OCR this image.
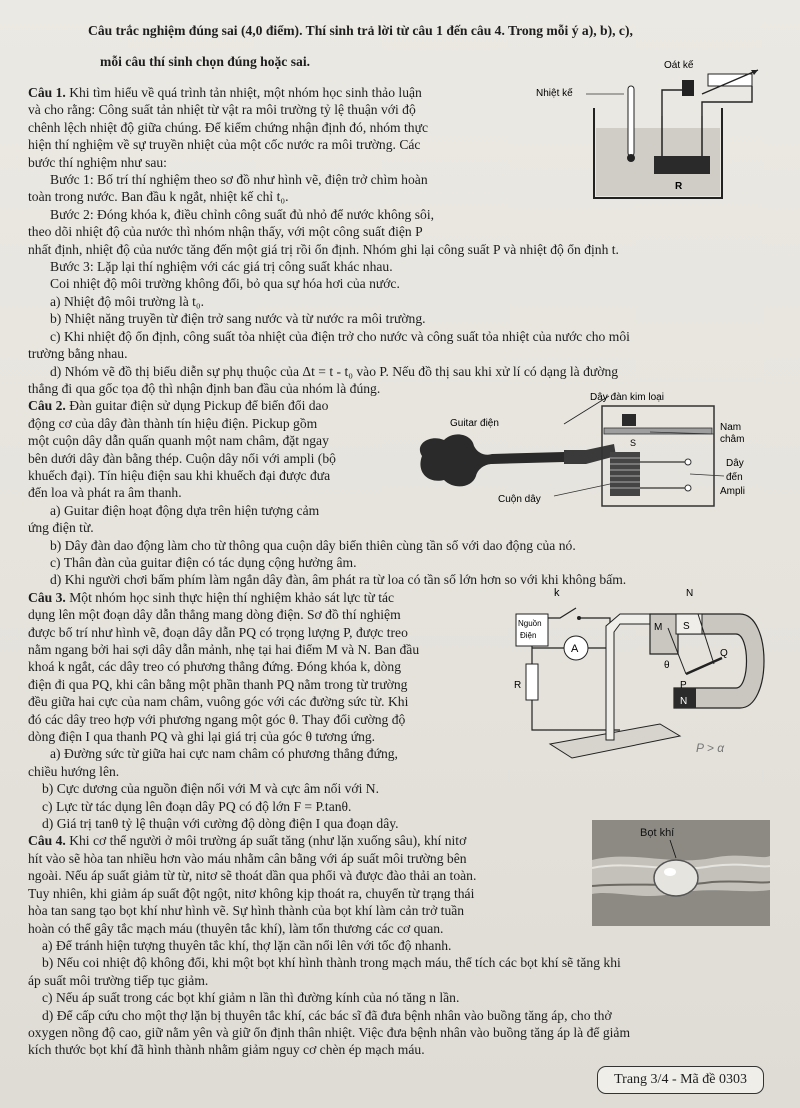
Câu trắc nghiệm đúng sai (4,0 điểm). Thí sinh trả lời từ câu 1 đến câu 4. Trong mỗi ý a), b), c),

mỗi câu thí sinh chọn đúng hoặc sai.

Câu 1. Khi tìm hiểu về quá trình tản nhiệt, một nhóm học sinh thảo luận

và cho rằng: Công suất tản nhiệt từ vật ra môi trường tỷ lệ thuận với độ

chênh lệch nhiệt độ giữa chúng. Để kiểm chứng nhận định đó, nhóm thực

hiện thí nghiệm về sự truyền nhiệt của một cốc nước ra môi trường. Các

bước thí nghiệm như sau:

Bước 1: Bố trí thí nghiệm theo sơ đồ như hình vẽ, điện trở chìm hoàn

toàn trong nước. Ban đầu k ngắt, nhiệt kế chỉ t₀.

Bước 2: Đóng khóa k, điều chỉnh công suất đủ nhỏ để nước không sôi,

theo dõi nhiệt độ của nước thì nhóm nhận thấy, với một công suất điện P

nhất định, nhiệt độ của nước tăng đến một giá trị rồi ổn định. Nhóm ghi lại công suất P và nhiệt độ ổn định t.

Bước 3: Lặp lại thí nghiệm với các giá trị công suất khác nhau.

Coi nhiệt độ môi trường không đổi, bỏ qua sự hóa hơi của nước.

a) Nhiệt độ môi trường là t₀.

b) Nhiệt năng truyền từ điện trở sang nước và từ nước ra môi trường.

c) Khi nhiệt độ ổn định, công suất tỏa nhiệt của điện trở cho nước và công suất tỏa nhiệt của nước cho môi

trường bằng nhau.

d) Nhóm vẽ đồ thị biểu diễn sự phụ thuộc của Δt = t - t₀ vào P. Nếu đồ thị sau khi xử lí có dạng là đường

thẳng đi qua gốc tọa độ thì nhận định ban đầu của nhóm là đúng.

Oát kế
Nhiệt kế
R

Câu 2. Đàn guitar điện sử dụng Pickup để biến đổi dao

động cơ của dây đàn thành tín hiệu điện. Pickup gồm

một cuộn dây dẫn quấn quanh một nam châm, đặt ngay

bên dưới dây đàn bằng thép. Cuộn dây nối với ampli (bộ

khuếch đại). Tín hiệu điện sau khi khuếch đại được đưa

đến loa và phát ra âm thanh.

a) Guitar điện hoạt động dựa trên hiện tượng cảm

ứng điện từ.

b) Dây đàn dao động làm cho từ thông qua cuộn dây biến thiên cùng tần số với dao động của nó.

c) Thân đàn của guitar điện có tác dụng cộng hưởng âm.

d) Khi người chơi bấm phím làm ngắn dây đàn, âm phát ra từ loa có tần số lớn hơn so với khi không bấm.

Guitar điện
Dây đàn kim loại
S
Cuộn dây
Nam
châm
Dây
đến
Ampli

Câu 3. Một nhóm học sinh thực hiện thí nghiệm khảo sát lực từ tác

dụng lên một đoạn dây dẫn thẳng mang dòng điện. Sơ đồ thí nghiệm

được bố trí như hình vẽ, đoạn dây dẫn PQ có trọng lượng P, được treo

nằm ngang bởi hai sợi dây dẫn mảnh, nhẹ tại hai điểm M và N. Ban đầu

khoá k ngắt, các dây treo có phương thẳng đứng. Đóng khóa k, dòng

điện đi qua PQ, khi cân bằng một phần thanh PQ nằm trong từ trường

đều giữa hai cực của nam châm, vuông góc với các đường sức từ. Khi

đó các dây treo hợp với phương ngang một góc θ. Thay đổi cường độ

dòng điện I qua thanh PQ và ghi lại giá trị của góc θ tương ứng.

a) Đường sức từ giữa hai cực nam châm có phương thẳng đứng,

chiều hướng lên.

b) Cực dương của nguồn điện nối với M và cực âm nối với N.

c) Lực từ tác dụng lên đoạn dây PQ có độ lớn F = P.tanθ.

d) Giá trị tanθ tỷ lệ thuận với cường độ dòng điện I qua đoạn dây.

k
Nguồn
Điện
A
R
S
N
N
M
θ
P
Q
P > α

Câu 4. Khi cơ thể người ở môi trường áp suất tăng (như lặn xuống sâu), khí nitơ

hít vào sẽ hòa tan nhiều hơn vào máu nhằm cân bằng với áp suất môi trường bên

ngoài. Nếu áp suất giảm từ từ, nitơ sẽ thoát dần qua phổi và được đào thải an toàn.

Tuy nhiên, khi giảm áp suất đột ngột, nitơ không kịp thoát ra, chuyển từ trạng thái

hòa tan sang tạo bọt khí như hình vẽ. Sự hình thành của bọt khí làm cản trở tuần

hoàn có thể gây tắc mạch máu (thuyên tắc khí), làm tổn thương các cơ quan.

a) Để tránh hiện tượng thuyên tắc khí, thợ lặn cần nổi lên với tốc độ nhanh.

b) Nếu coi nhiệt độ không đổi, khi một bọt khí hình thành trong mạch máu, thể tích các bọt khí sẽ tăng khi

áp suất môi trường tiếp tục giảm.

c) Nếu áp suất trong các bọt khí giảm n lần thì đường kính của nó tăng n lần.

d) Để cấp cứu cho một thợ lặn bị thuyên tắc khí, các bác sĩ đã đưa bệnh nhân vào buồng tăng áp, cho thở

oxygen nồng độ cao, giữ nằm yên và giữ ổn định thân nhiệt. Việc đưa bệnh nhân vào buồng tăng áp là để giảm

kích thước bọt khí đã hình thành nhằm giảm nguy cơ chèn ép mạch máu.

Bọt khí
Trang 3/4 - Mã đề 0303
